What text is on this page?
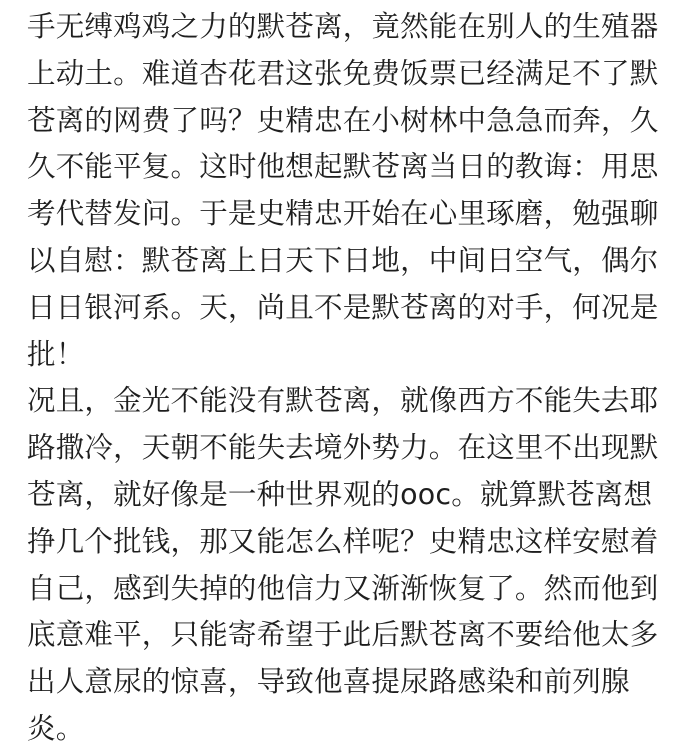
手无缚鸡鸡之力的默苍离，竟然能在别人的生殖器
上动土。难道杏花君这张免费饭票已经满足不了默
苍离的网费了吗？史精忠在小树林中急急而奔，久
久不能平复。这时他想起默苍离当日的教诲：用思
考代替发问。于是史精忠开始在心里琢磨，勉强聊
以自慰：默苍离上日天下日地，中间日空气，偶尔
日日银河系。天，尚且不是默苍离的对手，何况是
批！
况且，金光不能没有默苍离，就像西方不能失去耶
路撒冷，天朝不能失去境外势力。在这里不出现默
苍离，就好像是一种世界观的ooc。就算默苍离想
挣几个批钱，那又能怎么样呢？史精忠这样安慰着
自己，感到失掉的他信力又渐渐恢复了。然而他到
底意难平，只能寄希望于此后默苍离不要给他太多
出人意尿的惊喜，导致他喜提尿路感染和前列腺
炎。
